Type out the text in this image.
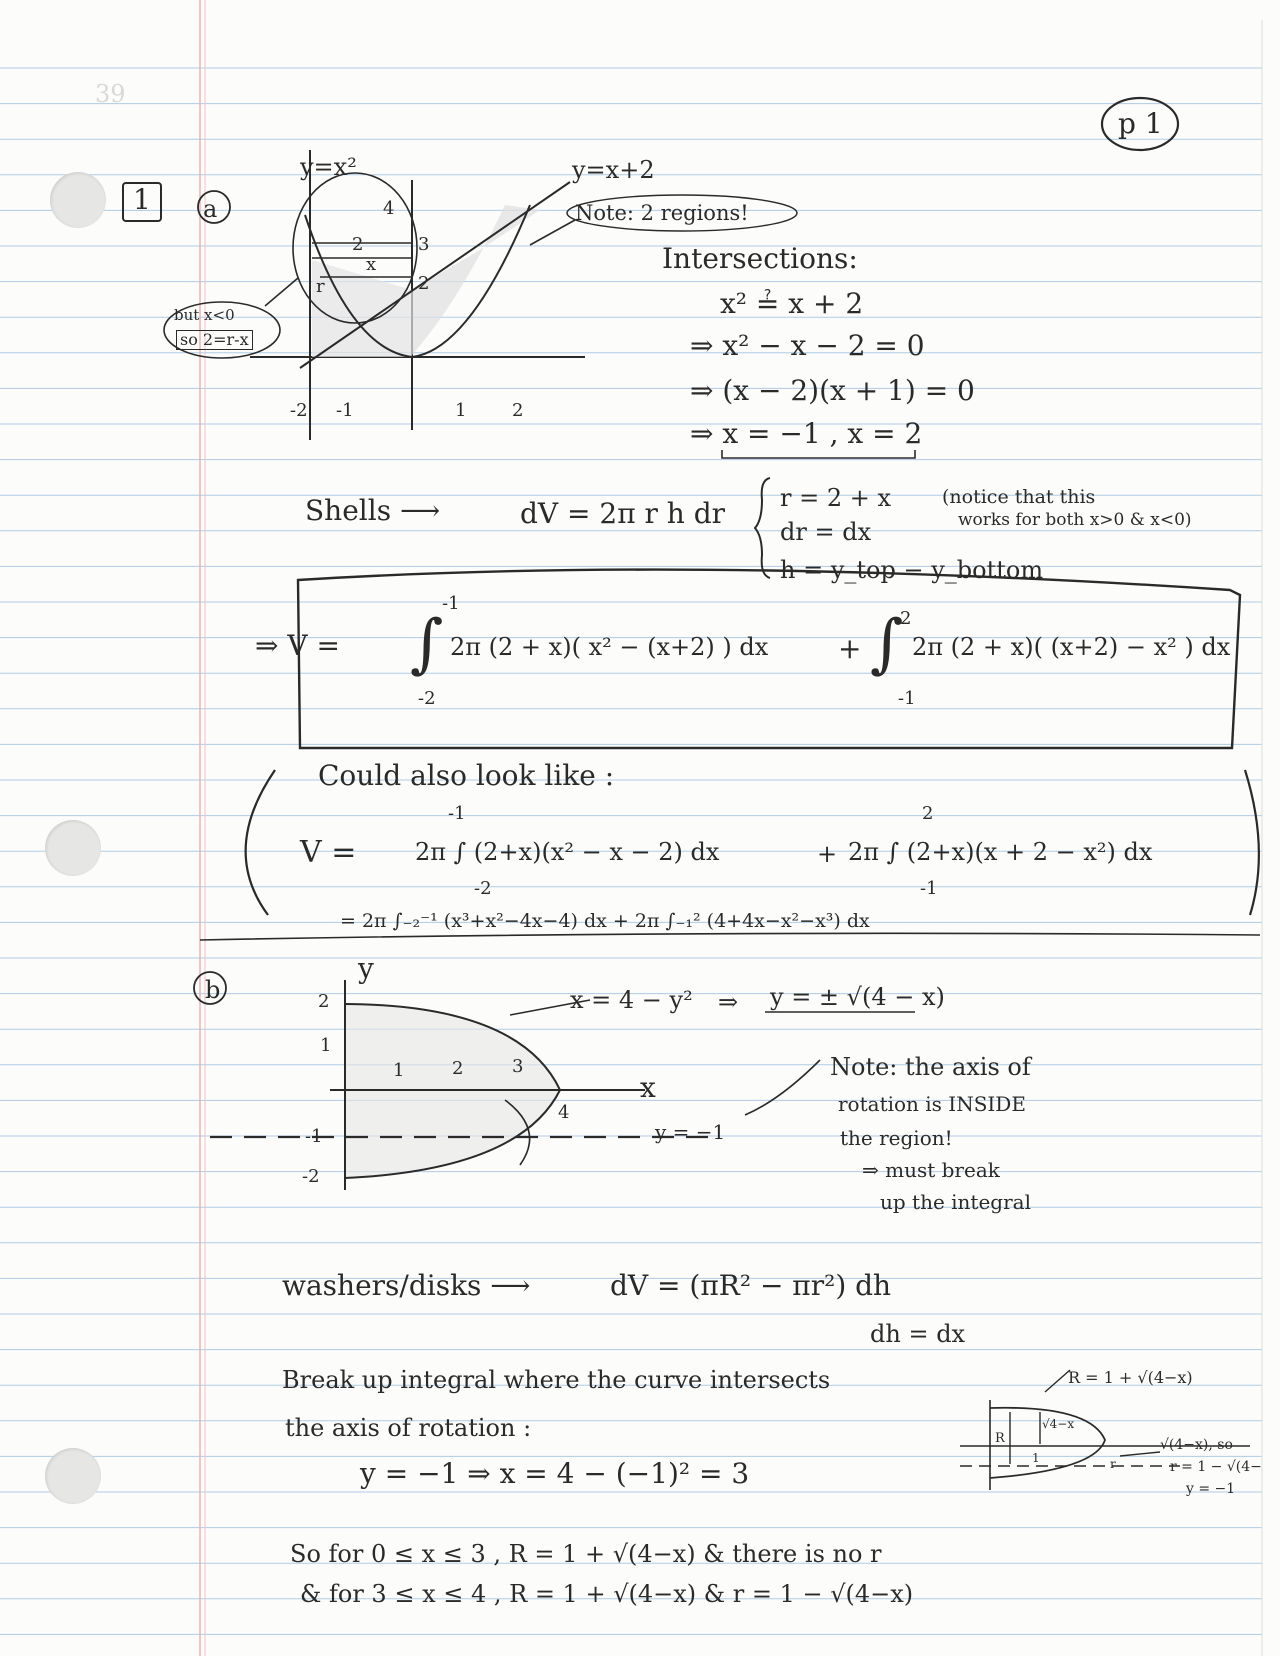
39
p 1
1 a
y=x²	y=x+2
4
2	3
x
r	2
-2 -1	1	2
but x<0
so 2=r-x
Note: 2 regions!
Intersections:
x² ≟ x + 2
⇒ x² − x − 2 = 0
⇒ (x − 2)(x + 1) = 0
⇒ x = −1 , x = 2
Shells ⟶	dV = 2π r h dr r = 2 + x
dr = dx
h = y_top − y_bottom
(notice that this
works for both x>0 & x<0)
⇒ V = ∫
-1
-2
2π (2 + x)( x² − (x+2) ) dx + ∫
2
-1
2π (2 + x)( (x+2) − x² ) dx
Could also look like :
V =
-1
-2
2π ∫ (2+x)(x² − x − 2) dx	+
2
-1
2π ∫ (2+x)(x + 2 − x²) dx
= 2π ∫₋₂⁻¹ (x³+x²−4x−4) dx + 2π ∫₋₁² (4+4x−x²−x³) dx
b
y
x
2
1
-1
-2
1	2	3
4
x = 4 − y² ⇒ y = ± √(4 − x)
y = −1
Note: the axis of
rotation is INSIDE
the region!
⇒ must break
up the integral
washers/disks ⟶	dV = (πR² − πr²) dh
dh = dx
Break up integral where the curve intersects
the axis of rotation :
y = −1 ⇒ x = 4 − (−1)² = 3
R = 1 + √(4−x)
√(4−x), so
r = 1 − √(4−
y = −1
R
√4−x
1	r
So for 0 ≤ x ≤ 3 , R = 1 + √(4−x) & there is no r
& for 3 ≤ x ≤ 4 , R = 1 + √(4−x) & r = 1 − √(4−x)
